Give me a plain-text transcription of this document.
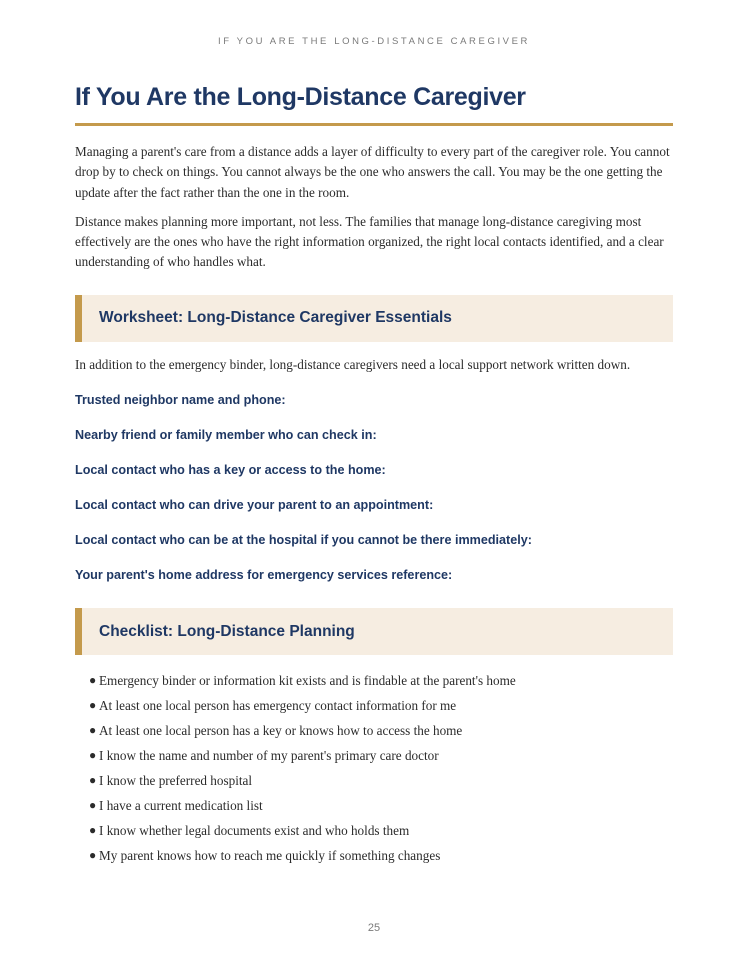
IF YOU ARE THE LONG-DISTANCE CAREGIVER
If You Are the Long-Distance Caregiver

Managing a parent's care from a distance adds a layer of difficulty to every part of the caregiver role. You cannot drop by to check on things. You cannot always be the one who answers the call. You may be the one getting the update after the fact rather than the one in the room.

Distance makes planning more important, not less. The families that manage long-distance caregiving most effectively are the ones who have the right information organized, the right local contacts identified, and a clear understanding of who handles what.

Worksheet: Long-Distance Caregiver Essentials

In addition to the emergency binder, long-distance caregivers need a local support network written down.

Trusted neighbor name and phone:
Nearby friend or family member who can check in:
Local contact who has a key or access to the home:
Local contact who can drive your parent to an appointment:
Local contact who can be at the hospital if you cannot be there immediately:
Your parent's home address for emergency services reference:
Checklist: Long-Distance Planning
● Emergency binder or information kit exists and is findable at the parent's home
● At least one local person has emergency contact information for me
● At least one local person has a key or knows how to access the home
● I know the name and number of my parent's primary care doctor
● I know the preferred hospital
● I have a current medication list
● I know whether legal documents exist and who holds them
● My parent knows how to reach me quickly if something changes
25
